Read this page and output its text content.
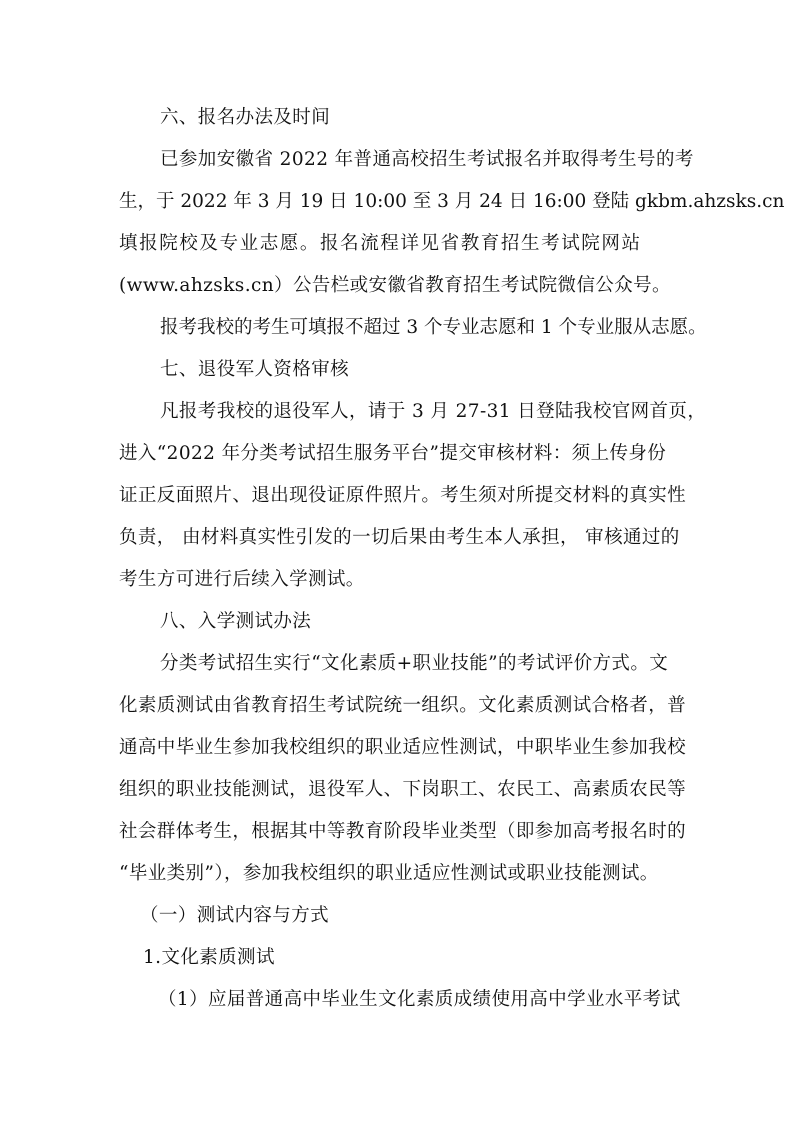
六、报名办法及时间
已参加安徽省 2022 年普通高校招生考试报名并取得考生号的考
生，于 2022 年 3 月 19 日 10:00 至 3 月 24 日 16:00 登陆 gkbm.ahzsks.cn
填报院校及专业志愿。报名流程详见省教育招生考试院网站
(www.ahzsks.cn）公告栏或安徽省教育招生考试院微信公众号。
报考我校的考生可填报不超过 3 个专业志愿和 1 个专业服从志愿。
七、退役军人资格审核
凡报考我校的退役军人，请于 3 月 27-31 日登陆我校官网首页，
进入“2022 年分类考试招生服务平台”提交审核材料：须上传身份
证正反面照片、退出现役证原件照片。考生须对所提交材料的真实性
负责， 由材料真实性引发的一切后果由考生本人承担， 审核通过的
考生方可进行后续入学测试。
八、入学测试办法
分类考试招生实行“文化素质+职业技能”的考试评价方式。文
化素质测试由省教育招生考试院统一组织。文化素质测试合格者，普
通高中毕业生参加我校组织的职业适应性测试，中职毕业生参加我校
组织的职业技能测试，退役军人、下岗职工、农民工、高素质农民等
社会群体考生，根据其中等教育阶段毕业类型（即参加高考报名时的
“毕业类别”），参加我校组织的职业适应性测试或职业技能测试。
（一）测试内容与方式
1.文化素质测试
（1）应届普通高中毕业生文化素质成绩使用高中学业水平考试
